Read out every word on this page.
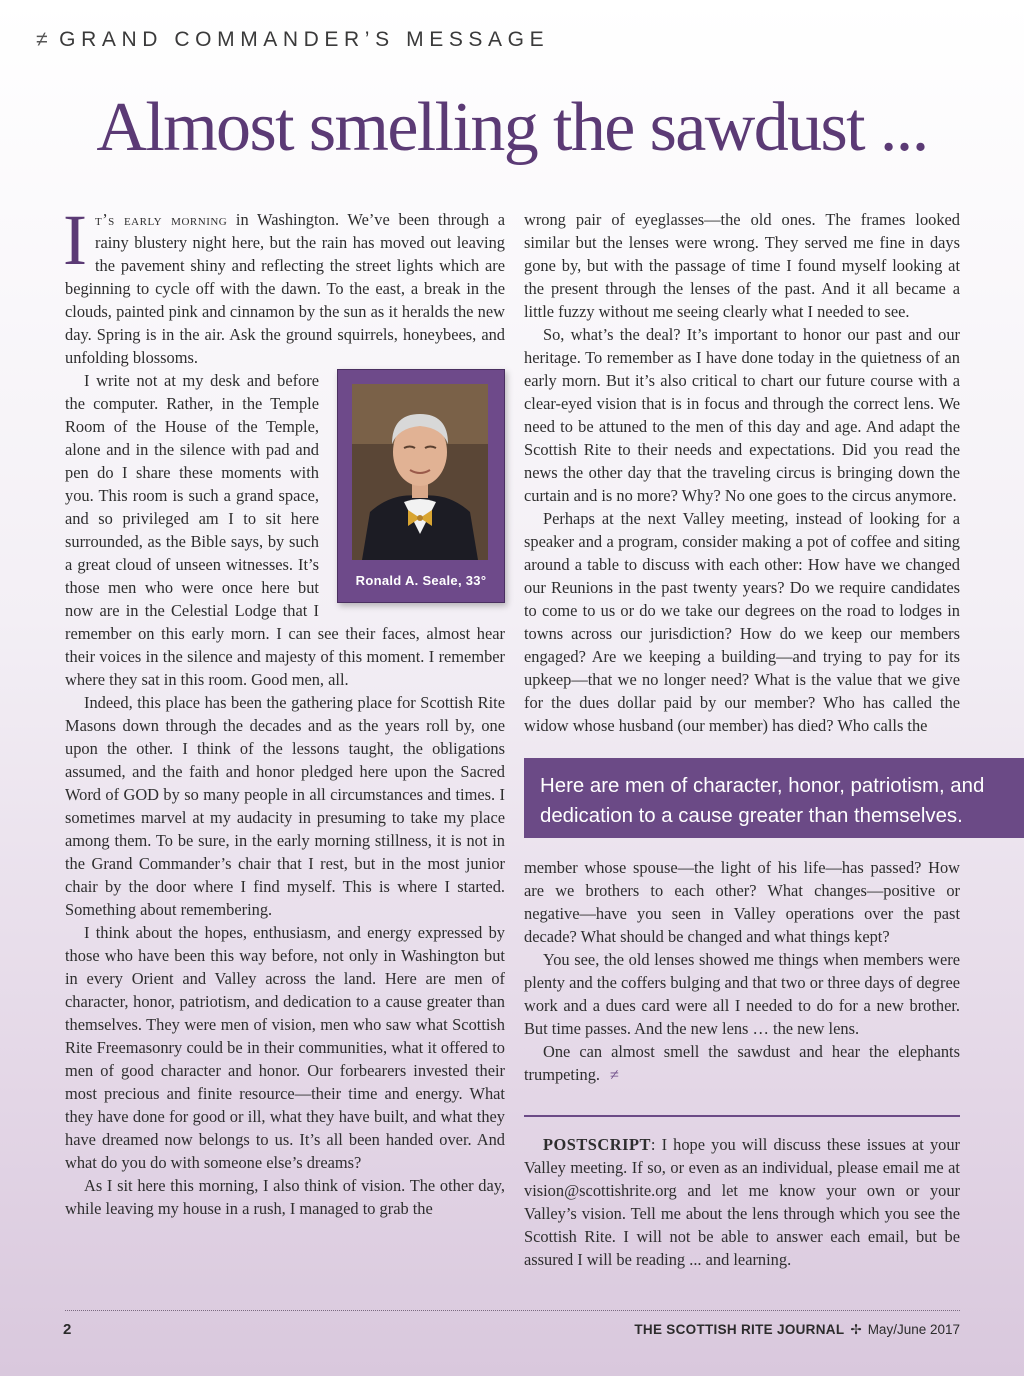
≠ GRAND COMMANDER’S MESSAGE
Almost smelling the sawdust ...

I t’s early morning in Washington. We’ve been through a rainy blustery night here, but the rain has moved out leaving the pavement shiny and reflecting the street lights which are beginning to cycle off with the dawn. To the east, a break in the clouds, painted pink and cinnamon by the sun as it heralds the new day. Spring is in the air. Ask the ground squirrels, honeybees, and unfolding blossoms.

Ronald A. Seale, 33°

I write not at my desk and before the computer. Rather, in the Temple Room of the House of the Temple, alone and in the silence with pad and pen do I share these moments with you. This room is such a grand space, and so privileged am I to sit here surrounded, as the Bible says, by such a great cloud of unseen witnesses. It’s those men who were once here but now are in the Celestial Lodge that I remember on this early morn. I can see their faces, almost hear their voices in the silence and majesty of this moment. I remember where they sat in this room. Good men, all.

Indeed, this place has been the gathering place for Scottish Rite Masons down through the decades and as the years roll by, one upon the other. I think of the lessons taught, the obligations assumed, and the faith and honor pledged here upon the Sacred Word of GOD by so many people in all circumstances and times. I sometimes marvel at my audacity in presuming to take my place among them. To be sure, in the early morning stillness, it is not in the Grand Commander’s chair that I rest, but in the most junior chair by the door where I find myself. This is where I started. Something about remembering.

I think about the hopes, enthusiasm, and energy expressed by those who have been this way before, not only in Washington but in every Orient and Valley across the land. Here are men of character, honor, patriotism, and dedication to a cause greater than themselves. They were men of vision, men who saw what Scottish Rite Freemasonry could be in their communities, what it offered to men of good character and honor. Our forbearers invested their most precious and finite resource—their time and energy. What they have done for good or ill, what they have built, and what they have dreamed now belongs to us. It’s all been handed over. And what do you do with someone else’s dreams?

As I sit here this morning, I also think of vision. The other day, while leaving my house in a rush, I managed to grab the

wrong pair of eyeglasses—the old ones. The frames looked similar but the lenses were wrong. They served me fine in days gone by, but with the passage of time I found myself looking at the present through the lenses of the past. And it all became a little fuzzy without me seeing clearly what I needed to see.

So, what’s the deal? It’s important to honor our past and our heritage. To remember as I have done today in the quietness of an early morn. But it’s also critical to chart our future course with a clear-eyed vision that is in focus and through the correct lens. We need to be attuned to the men of this day and age. And adapt the Scottish Rite to their needs and expectations. Did you read the news the other day that the traveling circus is bringing down the curtain and is no more? Why? No one goes to the circus anymore.

Perhaps at the next Valley meeting, instead of looking for a speaker and a program, consider making a pot of coffee and siting around a table to discuss with each other: How have we changed our Reunions in the past twenty years? Do we require candidates to come to us or do we take our degrees on the road to lodges in towns across our jurisdiction? How do we keep our members engaged? Are we keeping a building—and trying to pay for its upkeep—that we no longer need? What is the value that we give for the dues dollar paid by our member? Who has called the widow whose husband (our member) has died? Who calls the

Here are men of character, honor, patriotism, and dedication to a cause greater than themselves.

member whose spouse—the light of his life—has passed? How are we brothers to each other? What changes—positive or negative—have you seen in Valley operations over the past decade? What should be changed and what things kept?

You see, the old lenses showed me things when members were plenty and the coffers bulging and that two or three days of degree work and a dues card were all I needed to do for a new brother. But time passes. And the new lens … the new lens.

One can almost smell the sawdust and hear the elephants trumpeting. ≠

POSTSCRIPT: I hope you will discuss these issues at your Valley meeting. If so, or even as an individual, please email me at vision@scottishrite.org and let me know your own or your Valley’s vision. Tell me about the lens through which you see the Scottish Rite. I will not be able to answer each email, but be assured I will be reading ... and learning.

2	THE SCOTTISH RITE JOURNAL ✢ May/June 2017
